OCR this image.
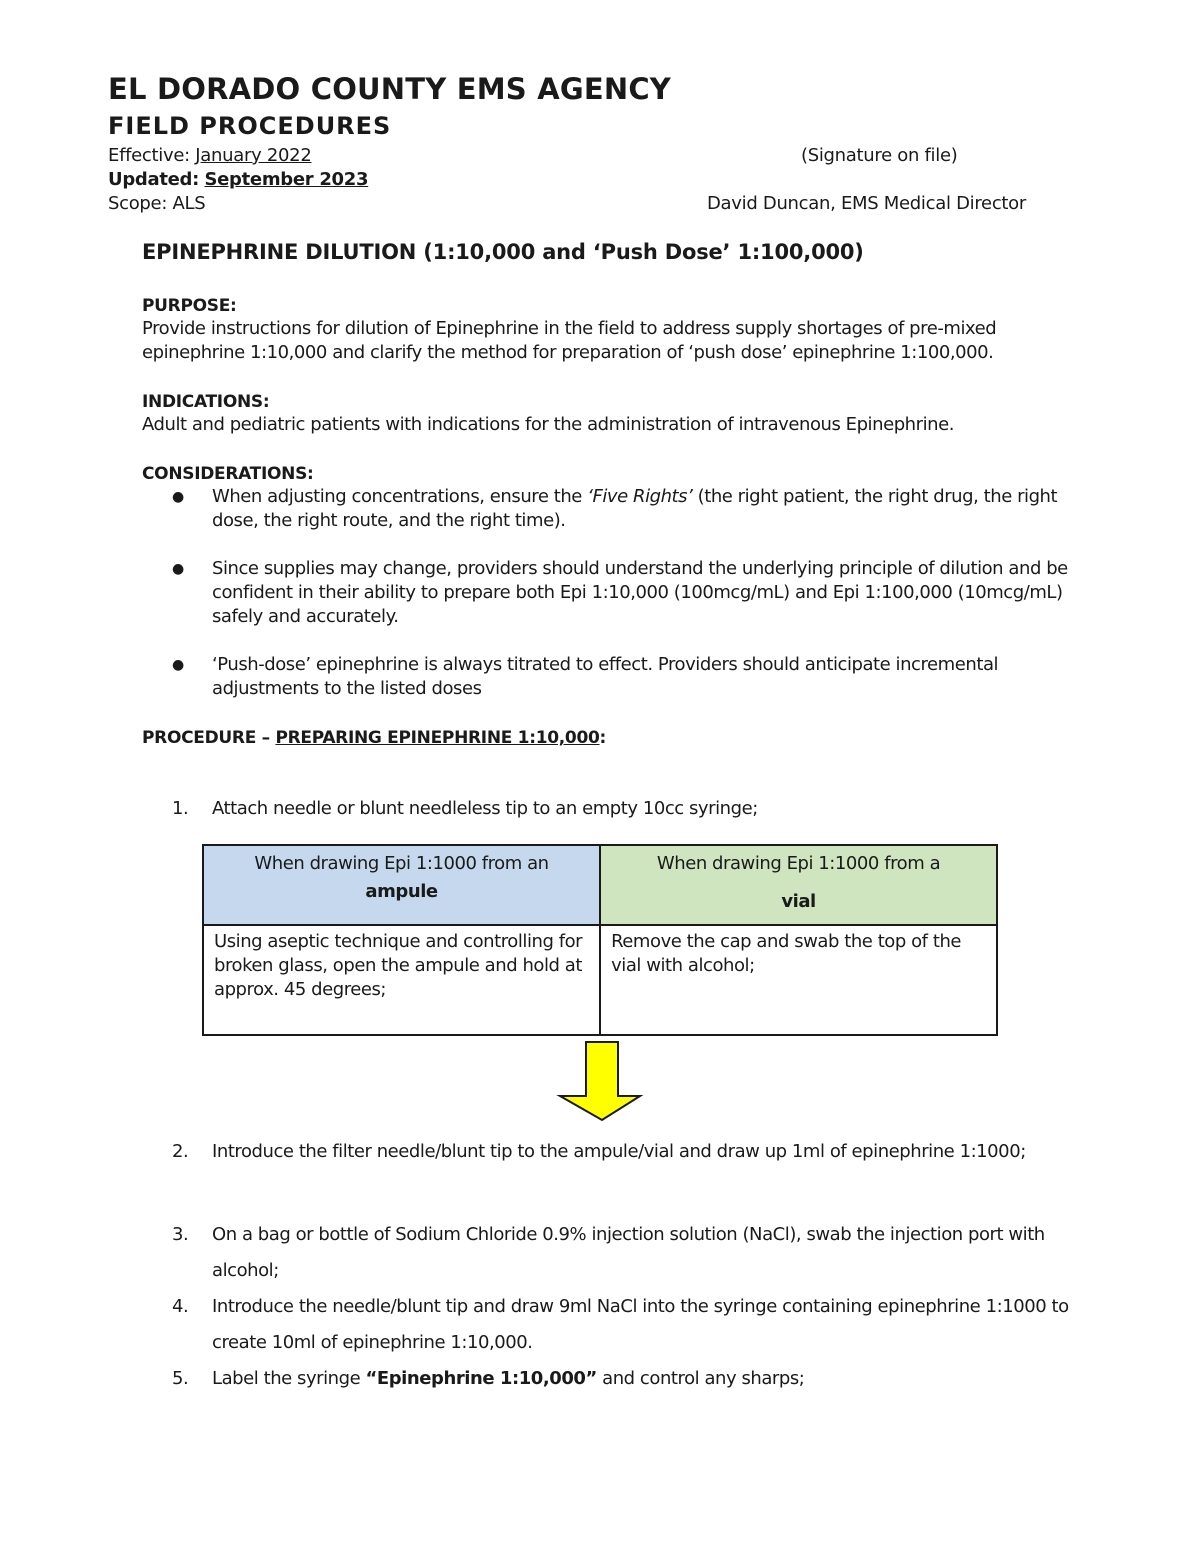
EL DORADO COUNTY EMS AGENCY
FIELD PROCEDURES
Effective: January 2022	(Signature on file)
Updated: September 2023
Scope: ALS	David Duncan, EMS Medical Director
EPINEPHRINE DILUTION (1:10,000 and ‘Push Dose’ 1:100,000)
PURPOSE:
Provide instructions for dilution of Epinephrine in the field to address supply shortages of pre-mixed epinephrine 1:10,000 and clarify the method for preparation of ‘push dose’ epinephrine 1:100,000.
INDICATIONS:
Adult and pediatric patients with indications for the administration of intravenous Epinephrine.
CONSIDERATIONS:
● When adjusting concentrations, ensure the ‘Five Rights’ (the right patient, the right drug, the right dose, the right route, and the right time).
● Since supplies may change, providers should understand the underlying principle of dilution and be confident in their ability to prepare both Epi 1:10,000 (100mcg/mL) and Epi 1:100,000 (10mcg/mL) safely and accurately.
● ‘Push-dose’ epinephrine is always titrated to effect. Providers should anticipate incremental adjustments to the listed doses
PROCEDURE – PREPARING EPINEPHRINE 1:10,000:
1. Attach needle or blunt needleless tip to an empty 10cc syringe;
When drawing Epi 1:1000 from an
ampule	When drawing Epi 1:1000 from a
vial

Using aseptic technique and controlling for broken glass, open the ampule and hold at approx. 45 degrees;	Remove the cap and swab the top of the vial with alcohol;
2. Introduce the filter needle/blunt tip to the ampule/vial and draw up 1ml of epinephrine 1:1000;
3. On a bag or bottle of Sodium Chloride 0.9% injection solution (NaCl), swab the injection port with alcohol;
4. Introduce the needle/blunt tip and draw 9ml NaCl into the syringe containing epinephrine 1:1000 to create 10ml of epinephrine 1:10,000.
5. Label the syringe “Epinephrine 1:10,000” and control any sharps;
